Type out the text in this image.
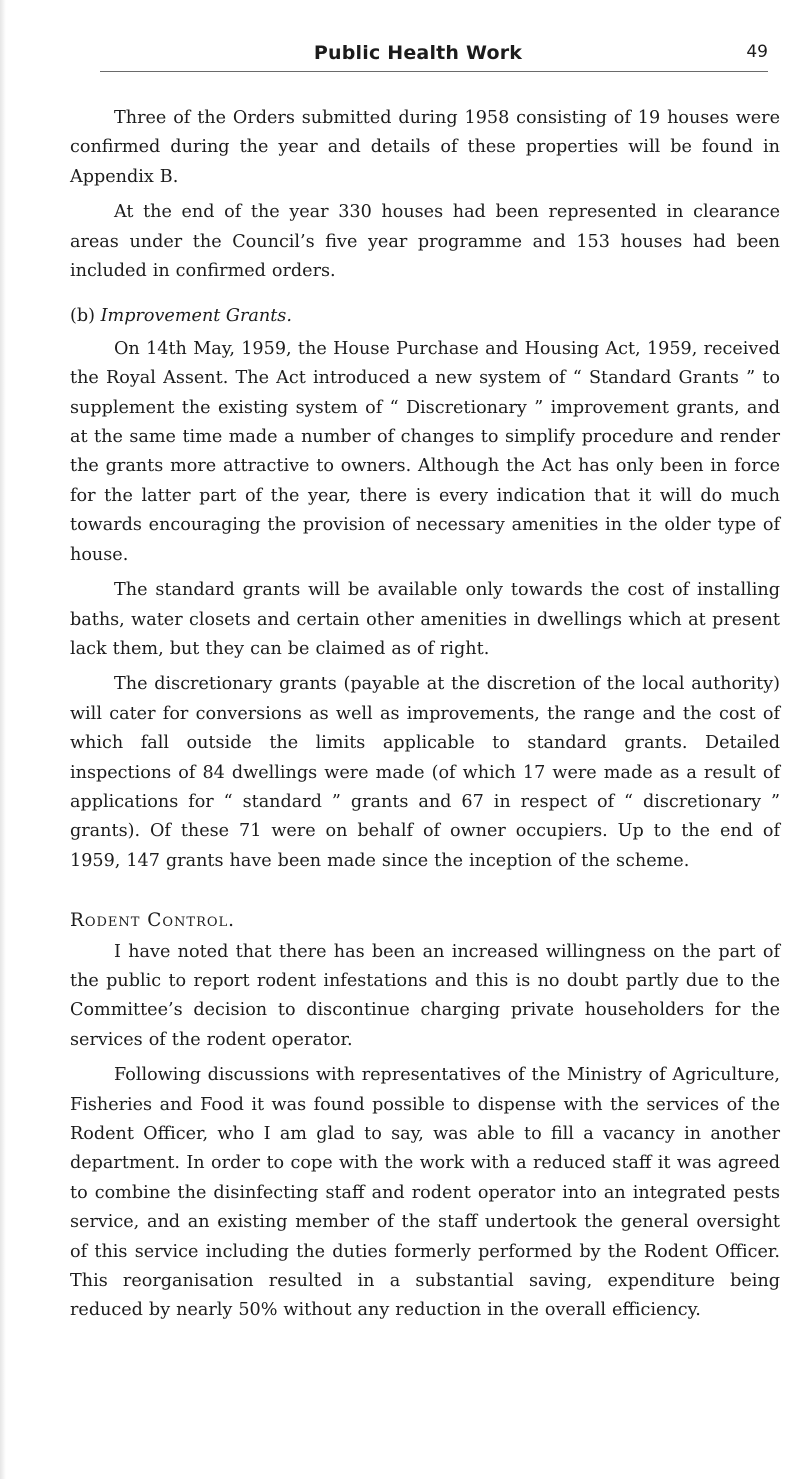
Public Health Work	49

Three of the Orders submitted during 1958 consisting of 19 houses were confirmed during the year and details of these properties will be found in Appendix B.

At the end of the year 330 houses had been represented in clearance areas under the Council’s five year programme and 153 houses had been included in confirmed orders.

(b) Improvement Grants.

On 14th May, 1959, the House Purchase and Housing Act, 1959, received the Royal Assent. The Act introduced a new system of “ Standard Grants ” to supplement the existing system of “ Discretionary ” improvement grants, and at the same time made a number of changes to simplify procedure and render the grants more attractive to owners. Although the Act has only been in force for the latter part of the year, there is every indication that it will do much towards encouraging the provision of necessary amenities in the older type of house.

The standard grants will be available only towards the cost of installing baths, water closets and certain other amenities in dwellings which at present lack them, but they can be claimed as of right.

The discretionary grants (payable at the discretion of the local authority) will cater for conversions as well as improvements, the range and the cost of which fall outside the limits applicable to standard grants. Detailed inspections of 84 dwellings were made (of which 17 were made as a result of applications for “ standard ” grants and 67 in respect of “ discretionary ” grants). Of these 71 were on behalf of owner occupiers. Up to the end of 1959, 147 grants have been made since the inception of the scheme.

Rodent Control.

I have noted that there has been an increased willingness on the part of the public to report rodent infestations and this is no doubt partly due to the Committee’s decision to discontinue charging private householders for the services of the rodent operator.

Following discussions with representatives of the Ministry of Agriculture, Fisheries and Food it was found possible to dispense with the services of the Rodent Officer, who I am glad to say, was able to fill a vacancy in another department. In order to cope with the work with a reduced staff it was agreed to combine the disinfecting staff and rodent operator into an integrated pests service, and an existing member of the staff undertook the general oversight of this service including the duties formerly performed by the Rodent Officer. This reorganisation resulted in a substantial saving, expenditure being reduced by nearly 50% without any reduction in the overall efficiency.
